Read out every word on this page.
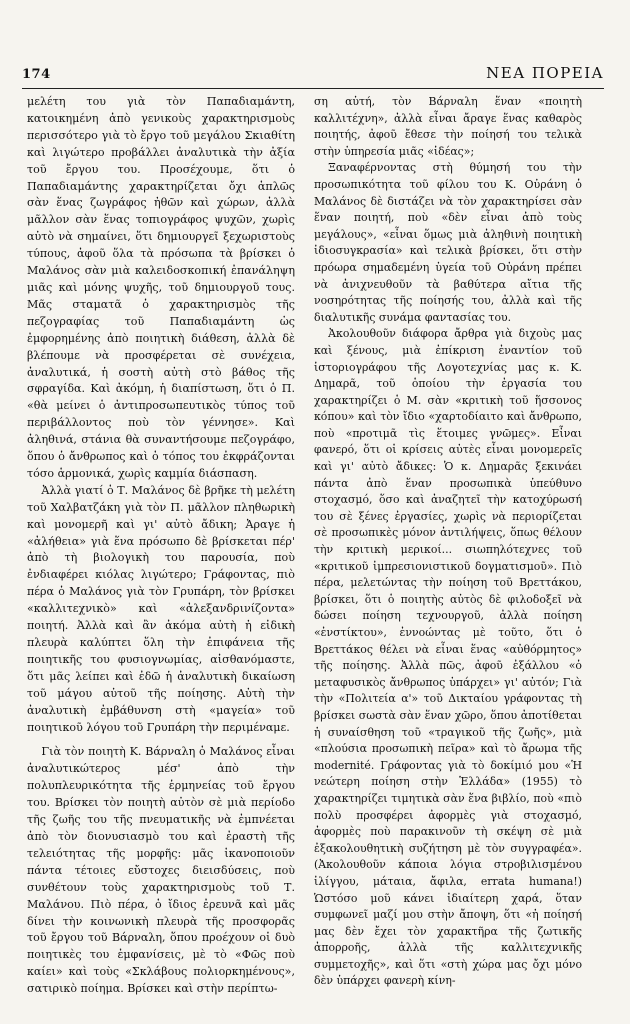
174	ΝΕΑ ΠΟΡΕΙΑ

μελέτη του γιὰ τὸν Παπαδιαμάντη, κατοικημένη ἀπὸ γενικοὺς χαρακτηρισμοὺς περισσότερο γιὰ τὸ ἔργο τοῦ μεγάλου Σκιαθίτη καὶ λιγώτερο προβάλλει ἀναλυτικὰ τὴν ἀξία τοῦ ἔργου του. Προσέχουμε, ὅτι ὁ Παπαδιαμάντης χαρακτηρίζεται ὄχι ἁπλῶς σὰν ἕνας ζωγράφος ἠθῶν καὶ χώρων, ἀλλὰ μᾶλλον σὰν ἕνας τοπιογράφος ψυχῶν, χωρὶς αὐτὸ νὰ σημαίνει, ὅτι δημιουργεῖ ξεχωριστοὺς τύπους, ἀφοῦ ὅλα τὰ πρόσωπα τὰ βρίσκει ὁ Μαλάνος σὰν μιὰ καλειδοσκοπική ἐπανάληψη μιᾶς καὶ μόνης ψυχῆς, τοῦ δημιουργοῦ τους. Μᾶς σταματᾶ ὁ χαρακτηρισμὸς τῆς πεζογραφίας τοῦ Παπαδιαμάντη ὡς ἐμφορημένης ἀπὸ ποιητικὴ διάθεση, ἀλλὰ δὲ βλέπουμε νὰ προσφέρεται σὲ συνέχεια, ἀναλυτικά, ἡ σοστὴ αὐτὴ στὸ βάθος τῆς σφραγίδα. Καὶ ἀκόμη, ἡ διαπίστωση, ὅτι ὁ Π. «θὰ μείνει ὁ ἀντιπροσωπευτικὸς τύπος τοῦ περιβάλλοντος ποὺ τὸν γέννησε». Καὶ ἀληθινά, στάνια θὰ συναντήσουμε πεζογράφο, ὅπου ὁ ἄνθρωπος καὶ ὁ τόπος του ἐκφράζονται τόσο ἁρμονικά, χωρὶς καμμία διάσπαση.

Ἀλλὰ γιατί ὁ Τ. Μαλάνος δὲ βρῆκε τὴ μελέτη τοῦ Χαλβατζάκη γιὰ τὸν Π. μᾶλλον πληθωρικὴ καὶ μονομερῆ καὶ γι' αὐτὸ ἄδικη; Ἀραγε ἡ «ἀλήθεια» γιὰ ἕνα πρόσωπο δὲ βρίσκεται πέρ' ἀπὸ τὴ βιολογικὴ του παρουσία, ποὺ ἐνδιαφέρει κιόλας λιγώτερο; Γράφοντας, πιὸ πέρα ὁ Μαλάνος γιὰ τὸν Γρυπάρη, τὸν βρίσκει «καλλιτεχνικὸ» καὶ «ἀλεξανδρινίζοντα» ποιητή. Ἀλλὰ καὶ ἂν ἀκόμα αὐτὴ ἡ εἰδικὴ πλευρὰ καλύπτει ὅλη τὴν ἐπιφάνεια τῆς ποιητικῆς του φυσιογνωμίας, αἰσθανόμαστε, ὅτι μᾶς λείπει καὶ ἐδῶ ἡ ἀναλυτικὴ δικαίωση τοῦ μάγου αὐτοῦ τῆς ποίησης. Αὐτὴ τὴν ἀναλυτικὴ ἐμβάθυνση στὴ «μαγεία» τοῦ ποιητικοῦ λόγου τοῦ Γρυπάρη τὴν περιμέναμε.

Γιὰ τὸν ποιητὴ Κ. Βάρναλη ὁ Μαλάνος εἶναι ἀναλυτικώτερος μέσ' ἀπὸ τὴν πολυπλευρικότητα τῆς ἑρμηνείας τοῦ ἔργου του. Βρίσκει τὸν ποιητὴ αὐτὸν σὲ μιὰ περίοδο τῆς ζωῆς του τῆς πνευματικῆς νὰ ἐμπνέεται ἀπὸ τὸν διονυσιασμὸ του καὶ ἐραστὴ τῆς τελειότητας τῆς μορφῆς: μᾶς ἱκανοποιοῦν πάντα τέτοιες εὔστοχες διεισδύσεις, ποὺ συνθέτουν τοὺς χαρακτηρισμοὺς τοῦ Τ. Μαλάνου. Πιὸ πέρα, ὁ ἴδιος ἐρευνᾶ καὶ μᾶς δίνει τὴν κοινωνικὴ πλευρὰ τῆς προσφορᾶς τοῦ ἔργου τοῦ Βάρναλη, ὅπου προέχουν οἱ δυὸ ποιητικὲς του ἐμφανίσεις, μὲ τὸ «Φῶς ποὺ καίει» καὶ τοὺς «Σκλάβους πολιορκημένους», σατιρικὸ ποίημα. Βρίσκει καὶ στὴν περίπτω-

ση αὐτή, τὸν Βάρναλη ἕναν «ποιητὴ καλλιτέχνη», ἀλλὰ εἶναι ἄραγε ἕνας καθαρὸς ποιητής, ἀφοῦ ἔθεσε τὴν ποίησή του τελικὰ στὴν ὑπηρεσία μιᾶς «ἰδέας»;

Ξαναφέρνοντας στὴ θύμησή του τὴν προσωπικότητα τοῦ φίλου του Κ. Οὐράνη ὁ Μαλάνος δὲ διστάζει νὰ τὸν χαρακτηρίσει σὰν ἕναν ποιητή, ποὺ «δὲν εἶναι ἀπὸ τοὺς μεγάλους», «εἶναι ὅμως μιὰ ἀληθινὴ ποιητικὴ ἰδιοσυγκρασία» καὶ τελικὰ βρίσκει, ὅτι στὴν πρόωρα σημαδεμένη ὑγεία τοῦ Οὐράνη πρέπει νὰ ἀνιχνευθοῦν τὰ βαθύτερα αἴτια τῆς νοσηρότητας τῆς ποίησής του, ἀλλὰ καὶ τῆς διαλυτικῆς συνάμα φαντασίας του.

Ἀκολουθοῦν διάφορα ἄρθρα γιὰ διχοὺς μας καὶ ξένους, μιὰ ἐπίκριση ἐναντίον τοῦ ἱστοριογράφου τῆς Λογοτεχνίας μας κ. Κ. Δημαρᾶ, τοῦ ὁποίου τὴν ἐργασία του χαρακτηρίζει ὁ Μ. σὰν «κριτικὴ τοῦ ἥσσονος κόπου» καὶ τὸν ἴδιο «χαρτοδίαιτο καὶ ἄνθρωπο, ποὺ «προτιμᾶ τὶς ἕτοιμες γνῶμες». Εἶναι φανερό, ὅτι οἱ κρίσεις αὐτὲς εἶναι μονομερεῖς καὶ γι' αὐτὸ ἄδικες: Ὁ κ. Δημαρᾶς ξεκινάει πάντα ἀπὸ ἕναν προσωπικὰ ὑπεύθυνο στοχασμό, ὅσο καὶ ἀναζητεῖ τὴν κατοχύρωσή του σὲ ξένες ἐργασίες, χωρὶς νὰ περιορίζεται σὲ προσωπικὲς μόνον ἀντιλήψεις, ὅπως θέλουν τὴν κριτικὴ μερικοί... σιωπηλότεχνες τοῦ «κριτικοῦ ἰμπρεσιονιστικοῦ δογματισμοῦ». Πιὸ πέρα, μελετώντας τὴν ποίηση τοῦ Βρεττάκου, βρίσκει, ὅτι ὁ ποιητὴς αὐτὸς δὲ φιλοδοξεῖ νὰ δώσει ποίηση τεχνουργοῦ, ἀλλὰ ποίηση «ἐνστίκτου», ἐννοώντας μὲ τοῦτο, ὅτι ὁ Βρεττάκος θέλει νὰ εἶναι ἕνας «αὐθόρμητος» τῆς ποίησης. Ἀλλὰ πῶς, ἀφοῦ ἐξάλλου «ὁ μεταφυσικὸς ἄνθρωπος ὑπάρχει» γι' αὐτόν; Γιὰ τὴν «Πολιτεία α'» τοῦ Δικταίου γράφοντας τὴ βρίσκει σωστὰ σὰν ἕναν χῶρο, ὅπου ἀποτίθεται ἡ συναίσθηση τοῦ «τραγικοῦ τῆς ζωῆς», μιὰ «πλούσια προσωπικὴ πεῖρα» καὶ τὸ ἄρωμα τῆς modernité. Γράφοντας γιὰ τὸ δοκίμιό μου «Ἡ νεώτερη ποίηση στὴν Ἑλλάδα» (1955) τὸ χαρακτηρίζει τιμητικὰ σὰν ἕνα βιβλίο, ποὺ «πιὸ πολὺ προσφέρει ἀφορμὲς γιὰ στοχασμό, ἀφορμὲς ποὺ παρακινοῦν τὴ σκέψη σὲ μιὰ ἐξακολουθητικὴ συζήτηση μὲ τὸν συγγραφέα». (Ἀκολουθοῦν κάποια λόγια στροβιλισμένου ἰλίγγου, μάταια, ἄφιλα, errata humana!) Ὡστόσο μοῦ κάνει ἰδιαίτερη χαρά, ὅταν συμφωνεῖ μαζί μου στὴν ἄποψη, ὅτι «ἡ ποίησή μας δὲν ἔχει τὸν χαρακτῆρα τῆς ζωτικῆς ἀπορροῆς, ἀλλὰ τῆς καλλιτεχνικῆς συμμετοχῆς», καὶ ὅτι «στὴ χώρα μας ὄχι μόνο δὲν ὑπάρχει φανερὴ κίνη-
